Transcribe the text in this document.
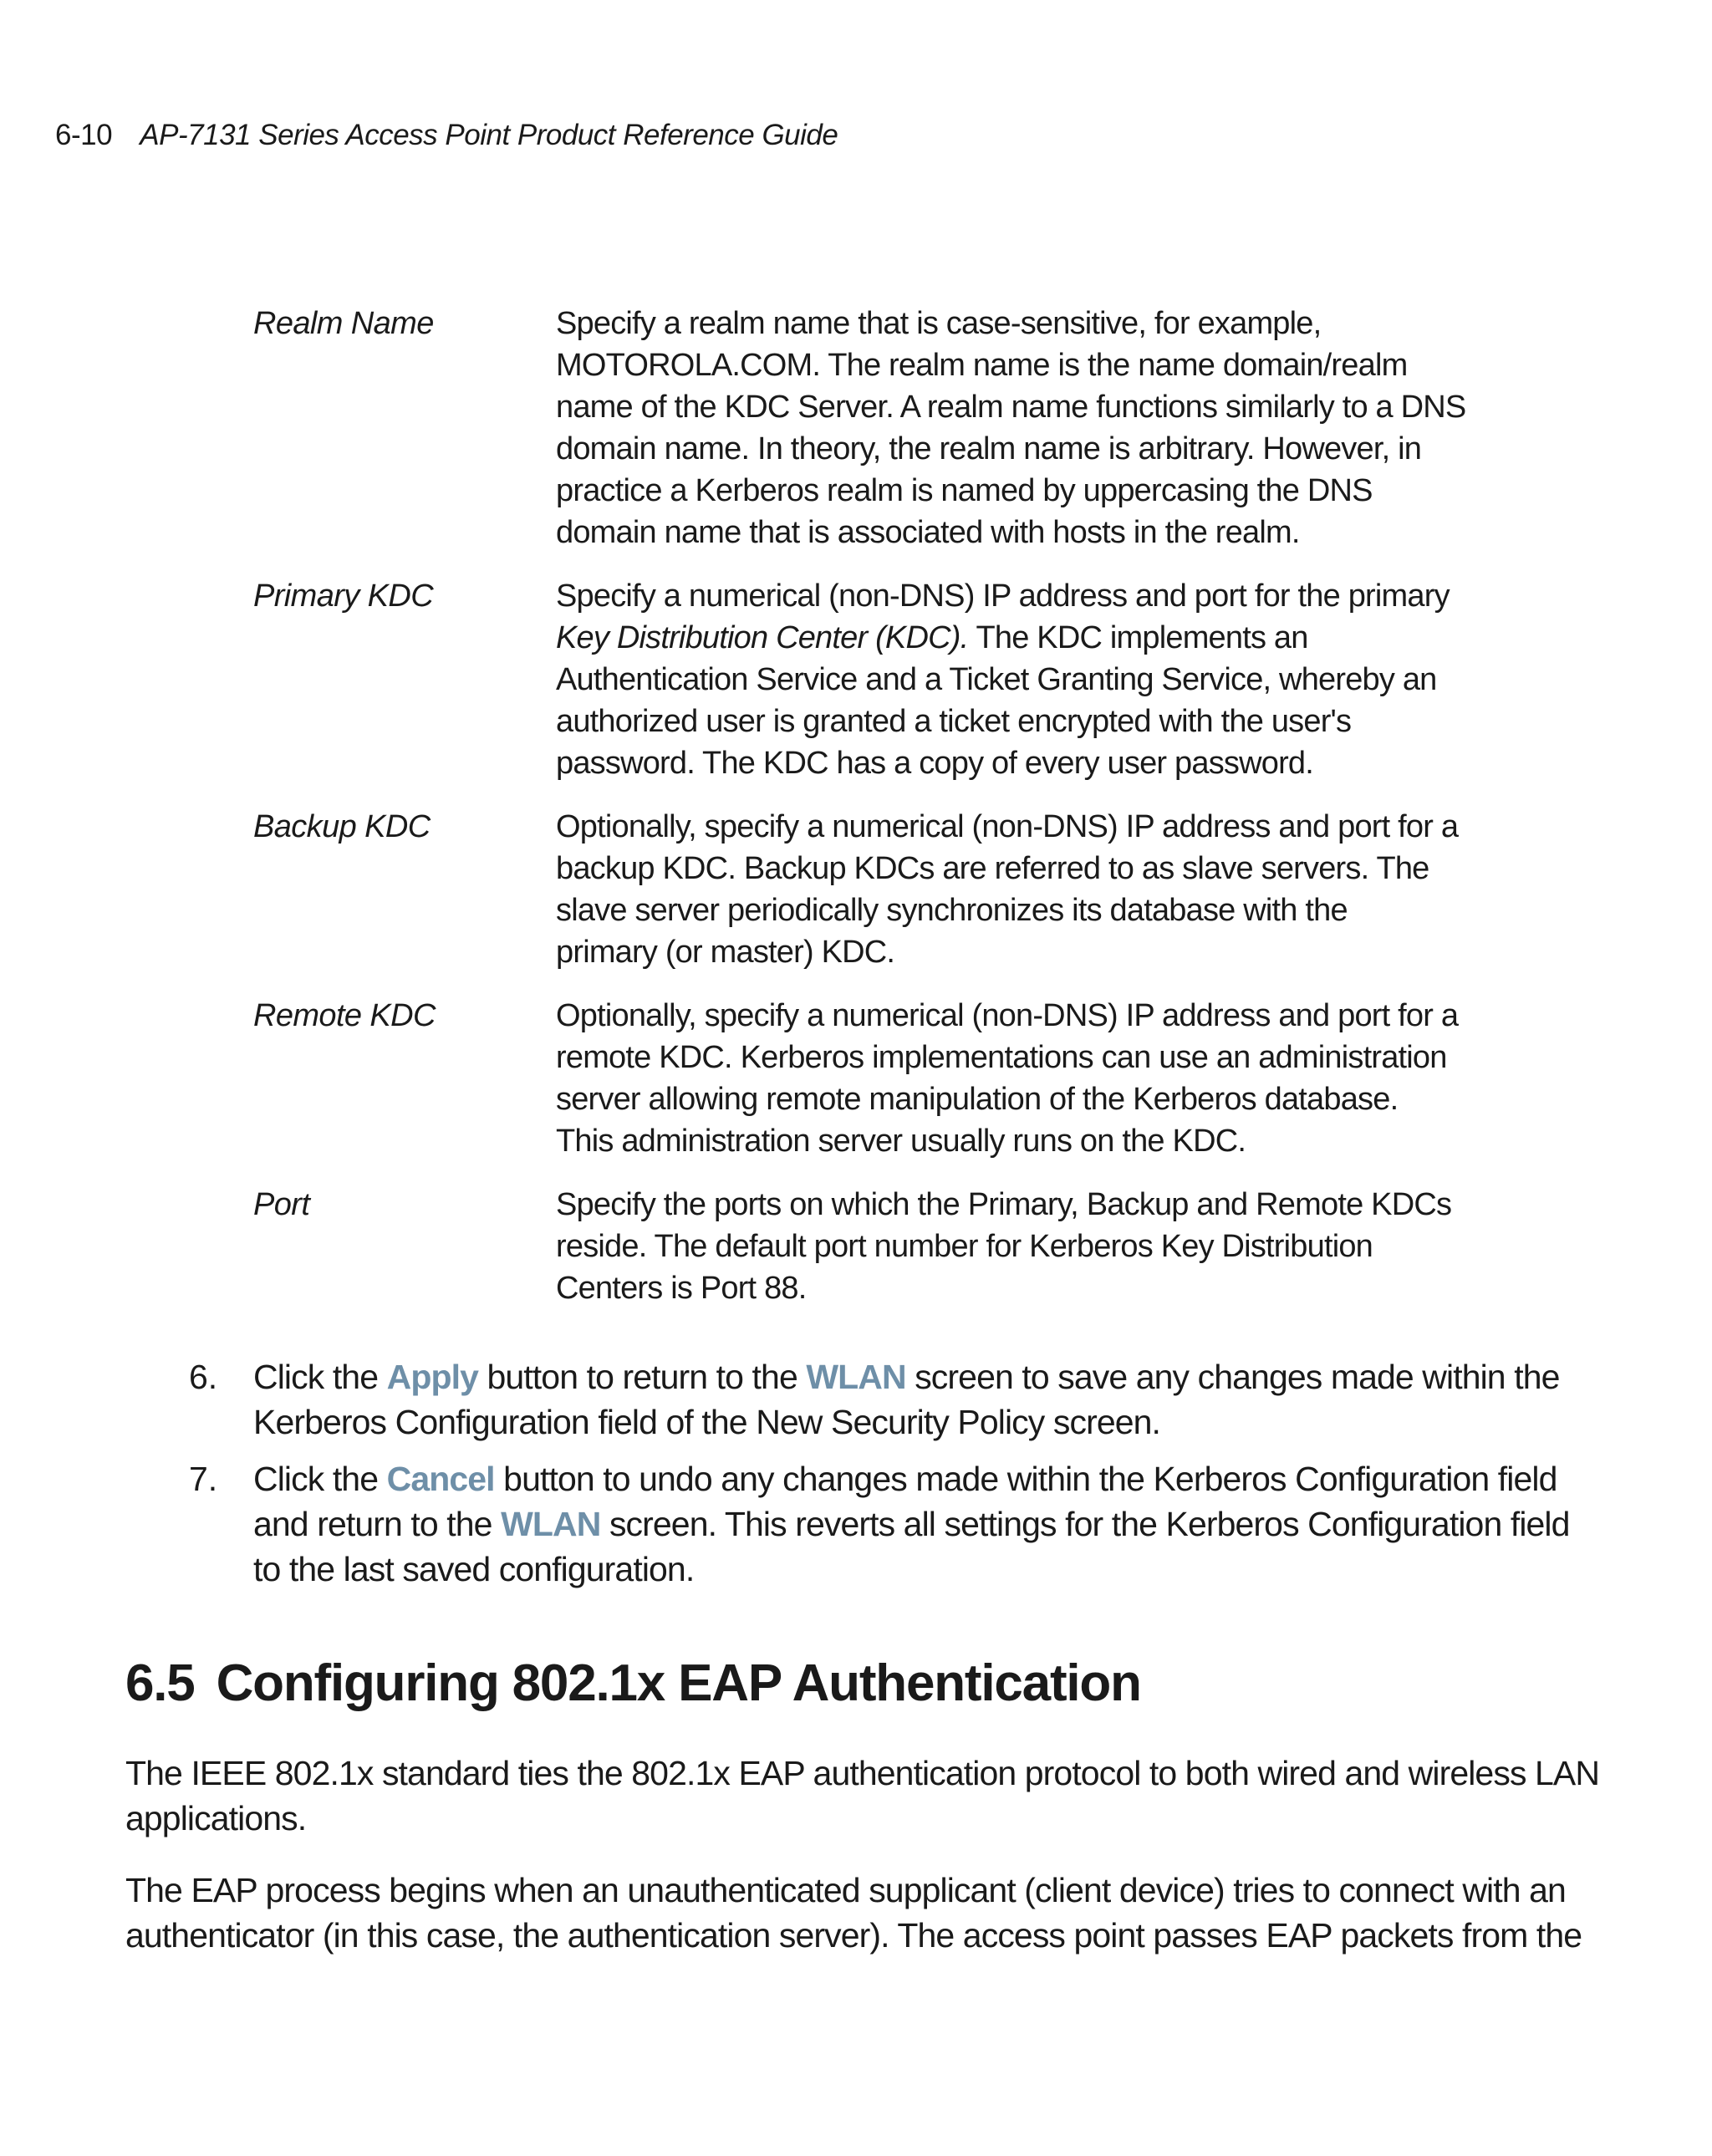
6-10 AP-7131 Series Access Point Product Reference Guide
Realm Name	Specify a realm name that is case-sensitive, for example,
MOTOROLA.COM. The realm name is the name domain/realm
name of the KDC Server. A realm name functions similarly to a DNS
domain name. In theory, the realm name is arbitrary. However, in
practice a Kerberos realm is named by uppercasing the DNS
domain name that is associated with hosts in the realm.
Primary KDC	Specify a numerical (non-DNS) IP address and port for the primary
Key Distribution Center (KDC). The KDC implements an
Authentication Service and a Ticket Granting Service, whereby an
authorized user is granted a ticket encrypted with the user's
password. The KDC has a copy of every user password.
Backup KDC	Optionally, specify a numerical (non-DNS) IP address and port for a
backup KDC. Backup KDCs are referred to as slave servers. The
slave server periodically synchronizes its database with the
primary (or master) KDC.
Remote KDC	Optionally, specify a numerical (non-DNS) IP address and port for a
remote KDC. Kerberos implementations can use an administration
server allowing remote manipulation of the Kerberos database.
This administration server usually runs on the KDC.
Port	Specify the ports on which the Primary, Backup and Remote KDCs
reside. The default port number for Kerberos Key Distribution
Centers is Port 88.
6.	Click the Apply button to return to the WLAN screen to save any changes made within the
Kerberos Configuration field of the New Security Policy screen.
7.	Click the Cancel button to undo any changes made within the Kerberos Configuration field
and return to the WLAN screen. This reverts all settings for the Kerberos Configuration field
to the last saved configuration.
6.5 Configuring 802.1x EAP Authentication
The IEEE 802.1x standard ties the 802.1x EAP authentication protocol to both wired and wireless LAN
applications.
The EAP process begins when an unauthenticated supplicant (client device) tries to connect with an
authenticator (in this case, the authentication server). The access point passes EAP packets from the
